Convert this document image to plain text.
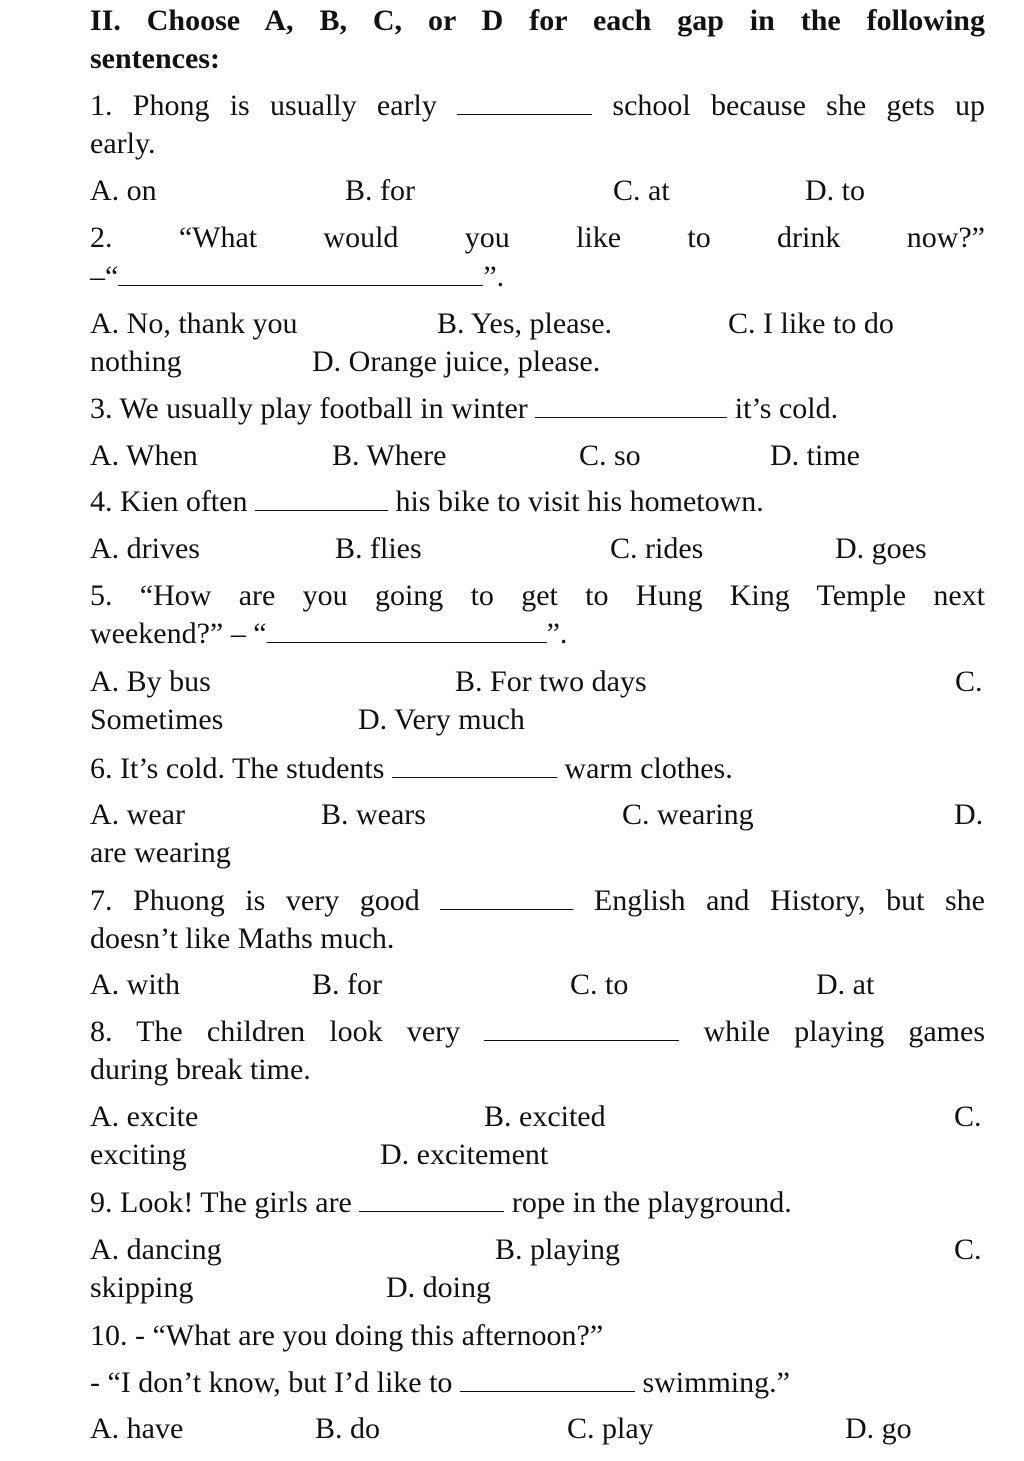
II. Choose A, B, C, or D for each gap in the following
sentences:
1. Phong is usually early	school because she gets up
early.
A. on	B. for	C. at	D. to
2. “What would you like to drink now?”
–“	”.
A. No, thank you	B. Yes, please.	C. I like to do
nothing	D. Orange juice, please.
3. We usually play football in winter	it’s cold.
A. When	B. Where	C. so	D. time
4. Kien often	his bike to visit his hometown.
A. drives	B. flies	C. rides	D. goes
5. “How are you going to get to Hung King Temple next
weekend?” – “	”.
A. By bus	B. For two days	C.
Sometimes	D. Very much
6. It’s cold. The students	warm clothes.
A. wear	B. wears	C. wearing	D.
are wearing
7. Phuong is very good	English and History, but she
doesn’t like Maths much.
A. with	B. for	C. to	D. at
8. The children look very	while playing games
during break time.
A. excite	B. excited	C.
exciting	D. excitement
9. Look! The girls are	rope in the playground.
A. dancing	B. playing	C.
skipping	D. doing
10. - “What are you doing this afternoon?”
- “I don’t know, but I’d like to	swimming.”
A. have	B. do	C. play	D. go
